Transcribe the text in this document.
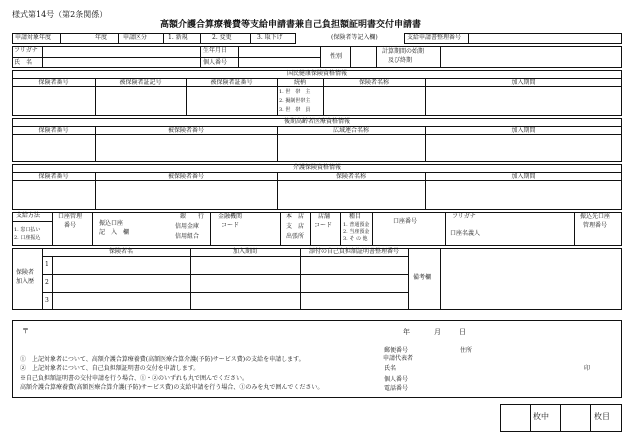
様式第14号（第2条関係）
高額介護合算療養費等支給申請書兼自己負担額証明書交付申請書
申請対象年度	年度	申請区分	1. 新規	2. 変更	3. 取下げ	(保険者等記入欄)	支給申請書整理番号
フリガナ
氏　名
生年月日
個人番号
性別
計算期間の始期
及び終期
国民健康保険資格情報
保険者番号	被保険者証記号	被保険者証番号	続柄	保険者名称	加入期間
1. 世　帯　主
2. 擬制世帯主
3. 世　帯　員
後期高齢者医療資格情報
保険者番号	被保険者番号	広域連合名称	加入期間
介護保険資格情報
保険者番号	被保険者番号	保険者名称	加入期間
支給方法
1. 窓口払い
2. 口座振込
口座管理
番号	振込口座
記　入　欄
銀　　行
信用金庫
信用組合
金融機関
コード
本　店
支　店
出張所
店舗
コード
種目
1. 普通預金
2. 当座預金
3. そ の 他
口座番号
フリガナ
口座名義人
振込先口座
管理番号
保険者
加入歴
保険者名	加入期間	添付の自己負担額証明書整理番号
1
2
3
備考欄
〒	年	月	日
①　上記対象者について、高額介護合算療養費(高額医療合算介護(予防)サービス費)の支給を申請します。
②　上記対象者について、自己負担額証明書の交付を申請します。
※自己負担額証明書の交付申請を行う場合、①・②のいずれも丸で囲んでください。
高額介護合算療養費(高額医療合算介護(予防)サービス費)の支給申請を行う場合、①のみを丸で囲んでください。
郵便番号
申請代表者
氏名
個人番号
電話番号
住所
印
枚中	枚目
